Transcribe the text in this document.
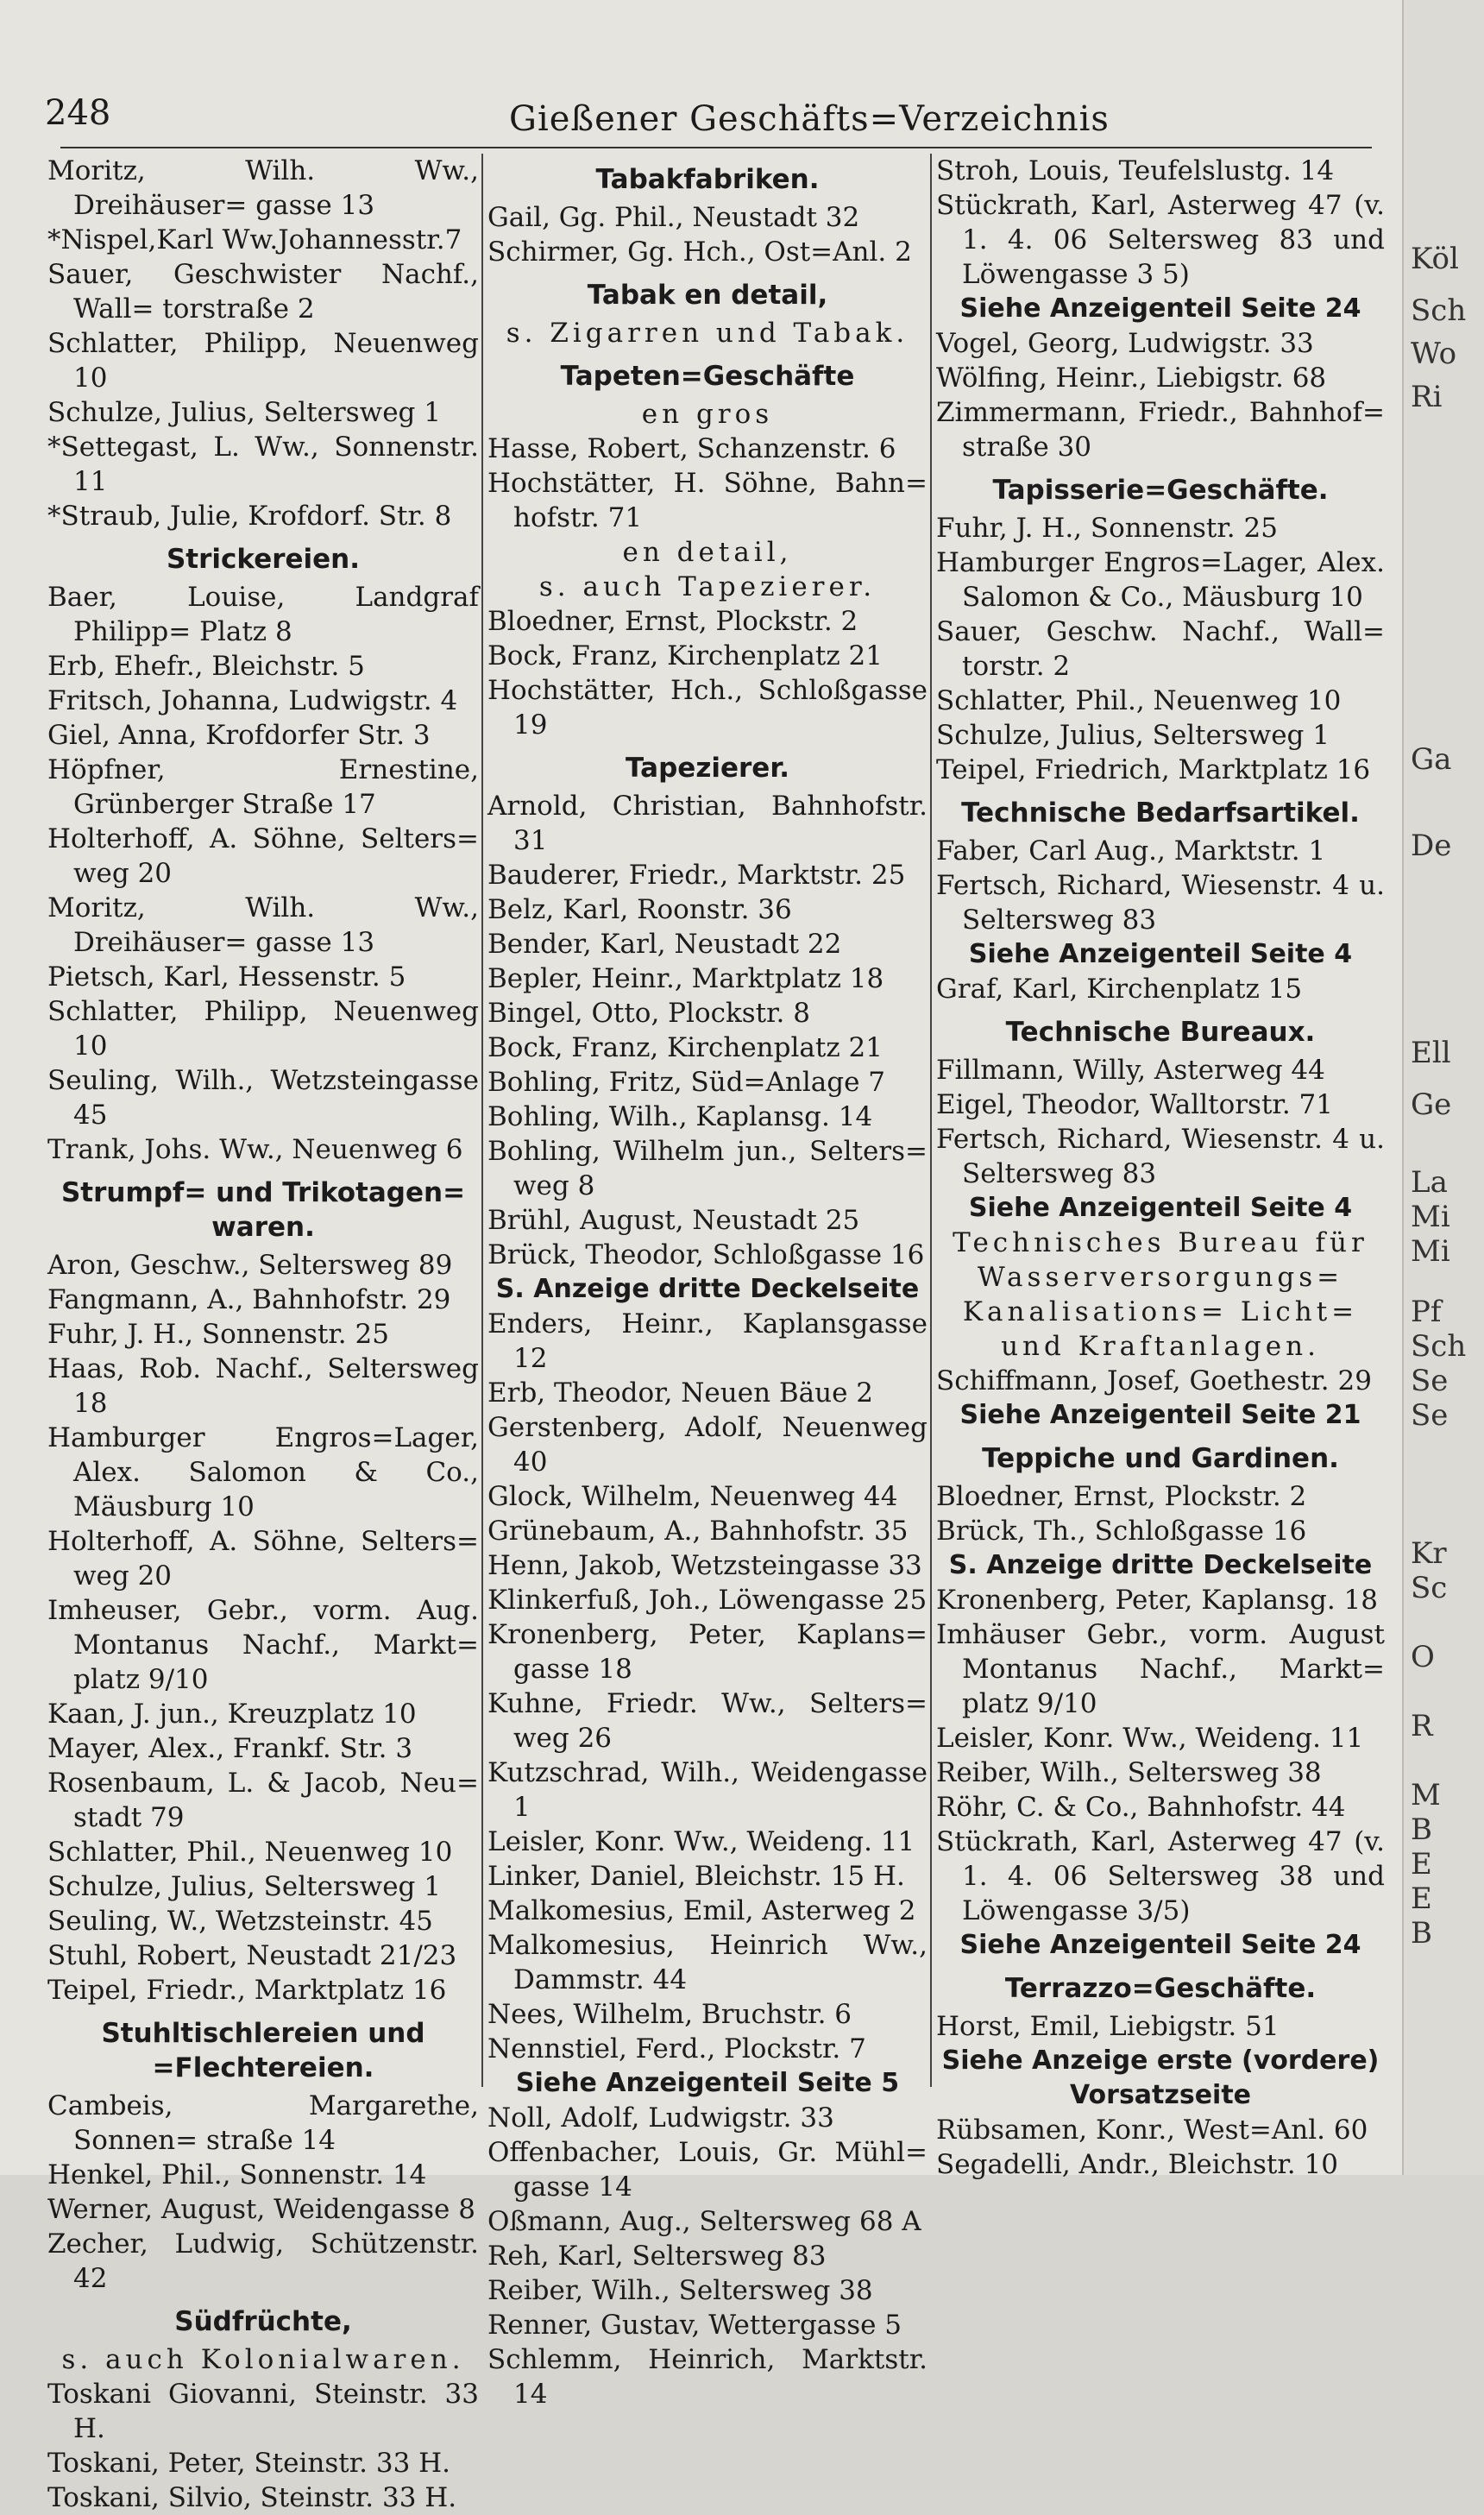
248	Gießener Geschäfts=Verzeichnis

Moritz, Wilh. Ww., Dreihäuser= gasse 13

*Nispel,Karl Ww.Johannesstr.7

Sauer, Geschwister Nachf., Wall= torstraße 2

Schlatter, Philipp, Neuenweg 10

Schulze, Julius, Seltersweg 1

*Settegast, L. Ww., Sonnenstr. 11

*Straub, Julie, Krofdorf. Str. 8

Strickereien.

Baer, Louise, Landgraf Philipp= Platz 8

Erb, Ehefr., Bleichstr. 5

Fritsch, Johanna, Ludwigstr. 4

Giel, Anna, Krofdorfer Str. 3

Höpfner, Ernestine, Grünberger Straße 17

Holterhoff, A. Söhne, Selters= weg 20

Moritz, Wilh. Ww., Dreihäuser= gasse 13

Pietsch, Karl, Hessenstr. 5

Schlatter, Philipp, Neuenweg 10

Seuling, Wilh., Wetzsteingasse 45

Trank, Johs. Ww., Neuenweg 6

Strumpf= und Trikotagen= waren.

Aron, Geschw., Seltersweg 89

Fangmann, A., Bahnhofstr. 29

Fuhr, J. H., Sonnenstr. 25

Haas, Rob. Nachf., Seltersweg 18

Hamburger Engros=Lager, Alex. Salomon & Co., Mäusburg 10

Holterhoff, A. Söhne, Selters= weg 20

Imheuser, Gebr., vorm. Aug. Montanus Nachf., Markt= platz 9/10

Kaan, J. jun., Kreuzplatz 10

Mayer, Alex., Frankf. Str. 3

Rosenbaum, L. & Jacob, Neu= stadt 79

Schlatter, Phil., Neuenweg 10

Schulze, Julius, Seltersweg 1

Seuling, W., Wetzsteinstr. 45

Stuhl, Robert, Neustadt 21/23

Teipel, Friedr., Marktplatz 16

Stuhltischlereien und =Flechtereien.

Cambeis, Margarethe, Sonnen= straße 14

Henkel, Phil., Sonnenstr. 14

Werner, August, Weidengasse 8

Zecher, Ludwig, Schützenstr. 42

Südfrüchte,

s. auch Kolonialwaren.

Toskani Giovanni, Steinstr. 33 H.

Toskani, Peter, Steinstr. 33 H.

Toskani, Silvio, Steinstr. 33 H.

Tabakfabriken.

Gail, Gg. Phil., Neustadt 32

Schirmer, Gg. Hch., Ost=Anl. 2

Tabak en detail,

s. Zigarren und Tabak.

Tapeten=Geschäfte

en gros

Hasse, Robert, Schanzenstr. 6

Hochstätter, H. Söhne, Bahn= hofstr. 71

en detail,

s. auch Tapezierer.

Bloedner, Ernst, Plockstr. 2

Bock, Franz, Kirchenplatz 21

Hochstätter, Hch., Schloßgasse 19

Tapezierer.

Arnold, Christian, Bahnhofstr. 31

Bauderer, Friedr., Marktstr. 25

Belz, Karl, Roonstr. 36

Bender, Karl, Neustadt 22

Bepler, Heinr., Marktplatz 18

Bingel, Otto, Plockstr. 8

Bock, Franz, Kirchenplatz 21

Bohling, Fritz, Süd=Anlage 7

Bohling, Wilh., Kaplansg. 14

Bohling, Wilhelm jun., Selters= weg 8

Brühl, August, Neustadt 25

Brück, Theodor, Schloßgasse 16

S. Anzeige dritte Deckelseite

Enders, Heinr., Kaplansgasse 12

Erb, Theodor, Neuen Bäue 2

Gerstenberg, Adolf, Neuenweg 40

Glock, Wilhelm, Neuenweg 44

Grünebaum, A., Bahnhofstr. 35

Henn, Jakob, Wetzsteingasse 33

Klinkerfuß, Joh., Löwengasse 25

Kronenberg, Peter, Kaplans= gasse 18

Kuhne, Friedr. Ww., Selters= weg 26

Kutzschrad, Wilh., Weidengasse 1

Leisler, Konr. Ww., Weideng. 11

Linker, Daniel, Bleichstr. 15 H.

Malkomesius, Emil, Asterweg 2

Malkomesius, Heinrich Ww., Dammstr. 44

Nees, Wilhelm, Bruchstr. 6

Nennstiel, Ferd., Plockstr. 7

Siehe Anzeigenteil Seite 5

Noll, Adolf, Ludwigstr. 33

Offenbacher, Louis, Gr. Mühl= gasse 14

Oßmann, Aug., Seltersweg 68 A

Reh, Karl, Seltersweg 83

Reiber, Wilh., Seltersweg 38

Renner, Gustav, Wettergasse 5

Schlemm, Heinrich, Marktstr. 14

Stroh, Louis, Teufelslustg. 14

Stückrath, Karl, Asterweg 47 (v. 1. 4. 06 Seltersweg 83 und Löwengasse 3 5)

Siehe Anzeigenteil Seite 24

Vogel, Georg, Ludwigstr. 33

Wölfing, Heinr., Liebigstr. 68

Zimmermann, Friedr., Bahnhof= straße 30

Tapisserie=Geschäfte.

Fuhr, J. H., Sonnenstr. 25

Hamburger Engros=Lager, Alex. Salomon & Co., Mäusburg 10

Sauer, Geschw. Nachf., Wall= torstr. 2

Schlatter, Phil., Neuenweg 10

Schulze, Julius, Seltersweg 1

Teipel, Friedrich, Marktplatz 16

Technische Bedarfsartikel.

Faber, Carl Aug., Marktstr. 1

Fertsch, Richard, Wiesenstr. 4 u. Seltersweg 83

Siehe Anzeigenteil Seite 4

Graf, Karl, Kirchenplatz 15

Technische Bureaux.

Fillmann, Willy, Asterweg 44

Eigel, Theodor, Walltorstr. 71

Fertsch, Richard, Wiesenstr. 4 u. Seltersweg 83

Siehe Anzeigenteil Seite 4

Technisches Bureau für Wasserversorgungs= Kanalisations= Licht= und Kraftanlagen.

Schiffmann, Josef, Goethestr. 29

Siehe Anzeigenteil Seite 21

Teppiche und Gardinen.

Bloedner, Ernst, Plockstr. 2

Brück, Th., Schloßgasse 16

S. Anzeige dritte Deckelseite

Kronenberg, Peter, Kaplansg. 18

Imhäuser Gebr., vorm. August Montanus Nachf., Markt= platz 9/10

Leisler, Konr. Ww., Weideng. 11

Reiber, Wilh., Seltersweg 38

Röhr, C. & Co., Bahnhofstr. 44

Stückrath, Karl, Asterweg 47 (v. 1. 4. 06 Seltersweg 38 und Löwengasse 3/5)

Siehe Anzeigenteil Seite 24

Terrazzo=Geschäfte.

Horst, Emil, Liebigstr. 51

Siehe Anzeige erste (vordere) Vorsatzseite

Rübsamen, Konr., West=Anl. 60

Segadelli, Andr., Bleichstr. 10

Köl
Sch
Wo
Ri
Ga
De
Ell
Ge
La
Mi
Mi
Pf
Sch
Se
Se
Kr
Sc
O
R
M
B
E
E
B
